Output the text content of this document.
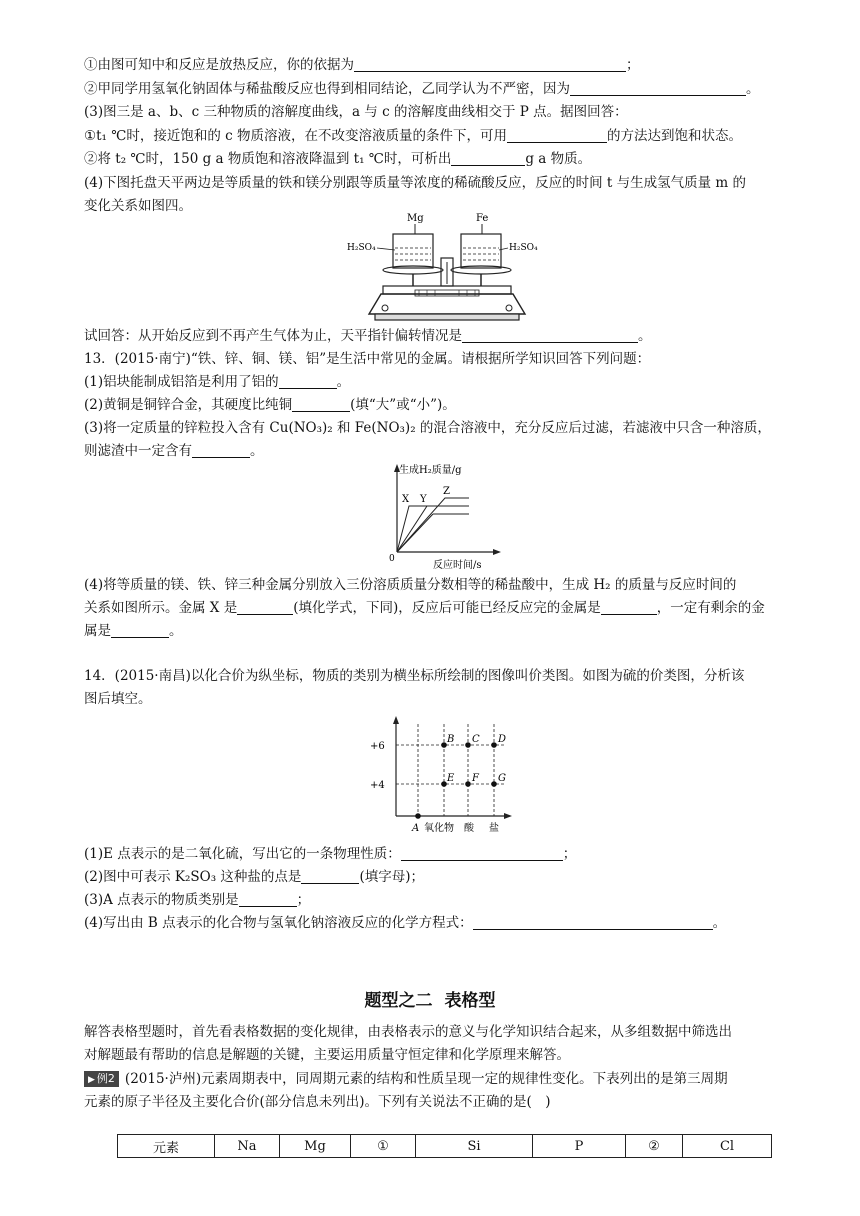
①由图可知中和反应是放热反应，你的依据为	；
②甲同学用氢氧化钠固体与稀盐酸反应也得到相同结论，乙同学认为不严密，因为	。
(3)图三是 a、b、c 三种物质的溶解度曲线，a 与 c 的溶解度曲线相交于 P 点。据图回答：
①t₁ ℃时，接近饱和的 c 物质溶液，在不改变溶液质量的条件下，可用	的方法达到饱和状态。
②将 t₂ ℃时，150 g a 物质饱和溶液降温到 t₁ ℃时，可析出	g a 物质。
(4)下图托盘天平两边是等质量的铁和镁分别跟等质量等浓度的稀硫酸反应，反应的时间 t 与生成氢气质量 m 的
变化关系如图四。
Mg	Fe
H₂SO₄	H₂SO₄
试回答：从开始反应到不再产生气体为止，天平指针偏转情况是	。
13．(2015·南宁)“铁、锌、铜、镁、铝”是生活中常见的金属。请根据所学知识回答下列问题：
(1)铝块能制成铝箔是利用了铝的	。
(2)黄铜是铜锌合金，其硬度比纯铜	(填“大”或“小”)。
(3)将一定质量的锌粒投入含有 Cu(NO₃)₂ 和 Fe(NO₃)₂ 的混合溶液中，充分反应后过滤，若滤液中只含一种溶质，
则滤渣中一定含有	。
生成H₂质量/g
反应时间/s
0
X Y
Z
(4)将等质量的镁、铁、锌三种金属分别放入三份溶质质量分数相等的稀盐酸中，生成 H₂ 的质量与反应时间的
关系如图所示。金属 X 是	(填化学式，下同)，反应后可能已经反应完的金属是	，一定有剩余的金
属是	。
14．(2015·南昌)以化合价为纵坐标，物质的类别为横坐标所绘制的图像叫价类图。如图为硫的价类图，分析该
图后填空。
+6
+4
B C D
E F G
A 氧化物 酸 盐
(1)E 点表示的是二氧化硫，写出它的一条物理性质：	；
(2)图中可表示 K₂SO₃ 这种盐的点是	(填字母)；
(3)A 点表示的物质类别是	；
(4)写出由 B 点表示的化合物与氢氧化钠溶液反应的化学方程式：	。
题型之二 表格型
解答表格型题时，首先看表格数据的变化规律，由表格表示的意义与化学知识结合起来，从多组数据中筛选出
对解题最有帮助的信息是解题的关键，主要运用质量守恒定律和化学原理来解答。
▶ 例2 (2015·泸州)元素周期表中，同周期元素的结构和性质呈现一定的规律性变化。下表列出的是第三周期
元素的原子半径及主要化合价(部分信息未列出)。下列有关说法不正确的是(　)
元素	Na	Mg	①	Si	P	②	Cl
